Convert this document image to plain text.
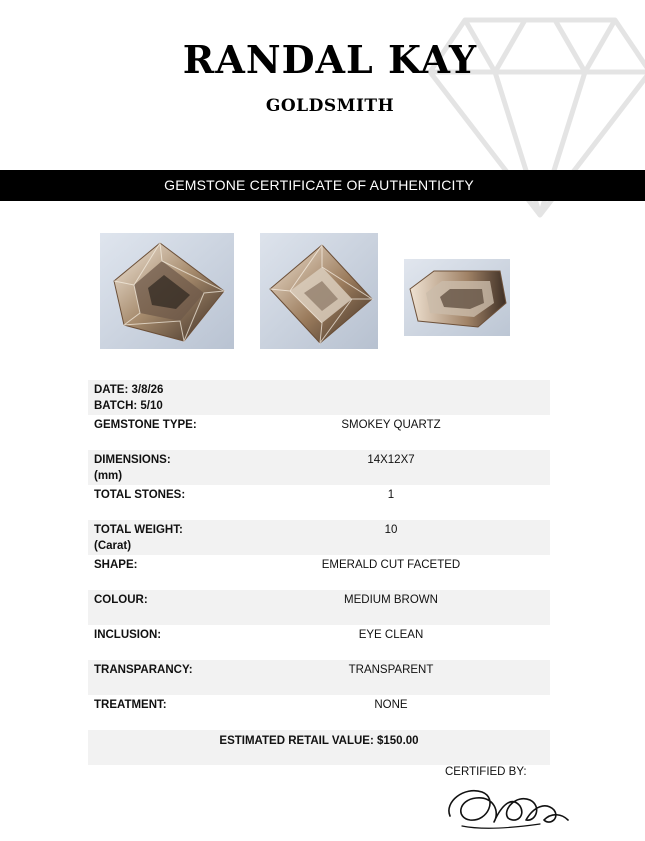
RANDAL KAY
GOLDSMITH
GEMSTONE CERTIFICATE OF AUTHENTICITY
DATE: 3/8/26
BATCH: 5/10
GEMSTONE TYPE:	SMOKEY QUARTZ
DIMENSIONS:
(mm)
14X12X7
TOTAL STONES:	1
TOTAL WEIGHT:
(Carat)
10
SHAPE:	EMERALD CUT FACETED
COLOUR:	MEDIUM BROWN
INCLUSION:	EYE CLEAN
TRANSPARANCY:	TRANSPARENT
TREATMENT:	NONE
ESTIMATED RETAIL VALUE: $150.00
CERTIFIED BY:
